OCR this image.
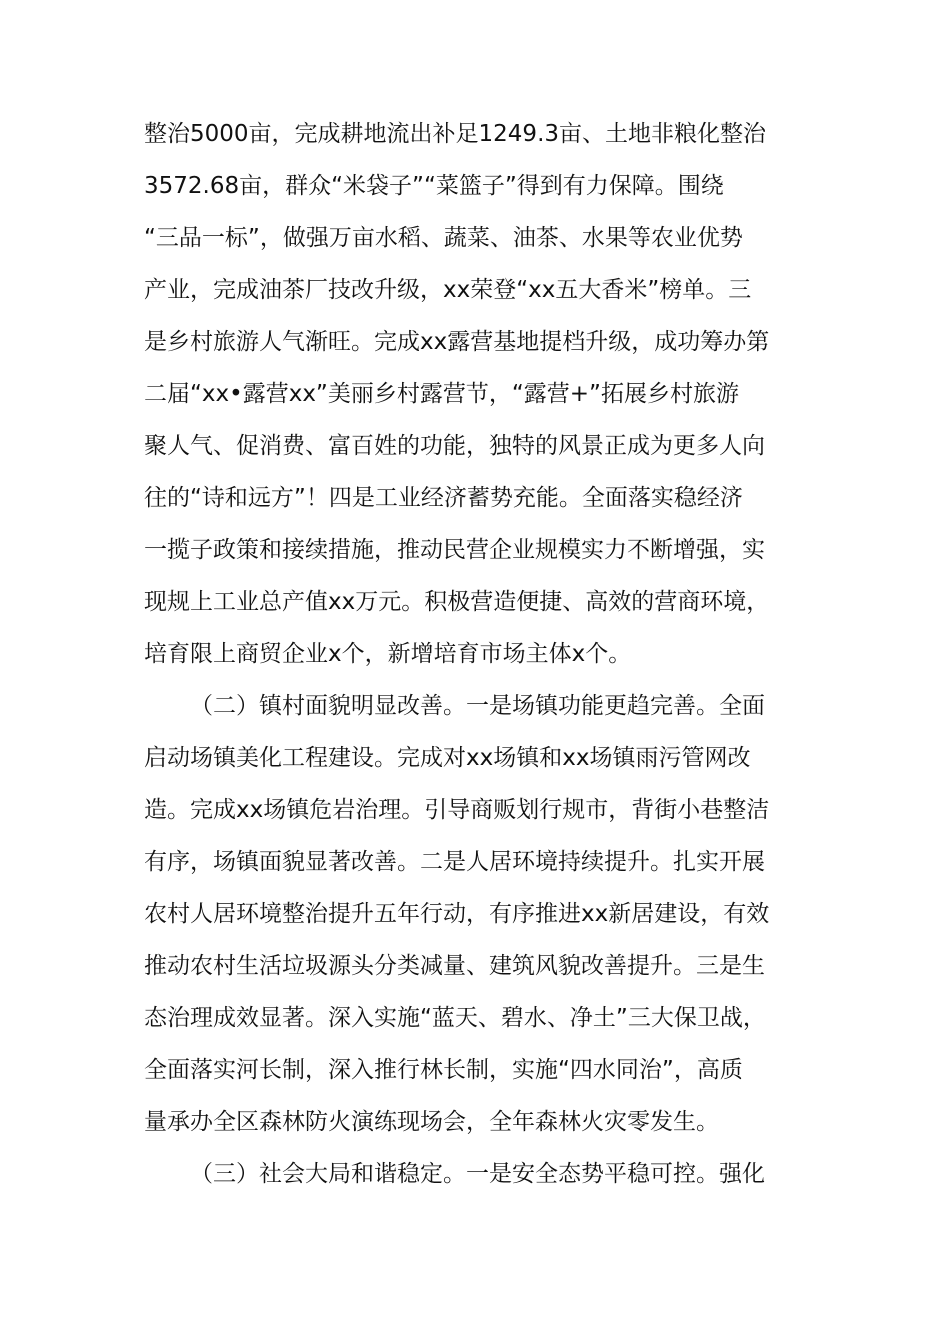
整治5000亩，完成耕地流出补足1249.3亩、土地非粮化整治
3572.68亩，群众“米袋子”“菜篮子”得到有力保障。围绕
“三品一标”，做强万亩水稻、蔬菜、油茶、水果等农业优势
产业，完成油茶厂技改升级，xx荣登“xx五大香米”榜单。三
是乡村旅游人气渐旺。完成xx露营基地提档升级，成功筹办第
二届“xx•露营xx”美丽乡村露营节，“露营+”拓展乡村旅游
聚人气、促消费、富百姓的功能，独特的风景正成为更多人向
往的“诗和远方”！四是工业经济蓄势充能。全面落实稳经济
一揽子政策和接续措施，推动民营企业规模实力不断增强，实
现规上工业总产值xx万元。积极营造便捷、高效的营商环境，
培育限上商贸企业x个，新增培育市场主体x个。
（二）镇村面貌明显改善。一是场镇功能更趋完善。全面
启动场镇美化工程建设。完成对xx场镇和xx场镇雨污管网改
造。完成xx场镇危岩治理。引导商贩划行规市，背街小巷整洁
有序，场镇面貌显著改善。二是人居环境持续提升。扎实开展
农村人居环境整治提升五年行动，有序推进xx新居建设，有效
推动农村生活垃圾源头分类减量、建筑风貌改善提升。三是生
态治理成效显著。深入实施“蓝天、碧水、净土”三大保卫战，
全面落实河长制，深入推行林长制，实施“四水同治”，高质
量承办全区森林防火演练现场会，全年森林火灾零发生。
（三）社会大局和谐稳定。一是安全态势平稳可控。强化
